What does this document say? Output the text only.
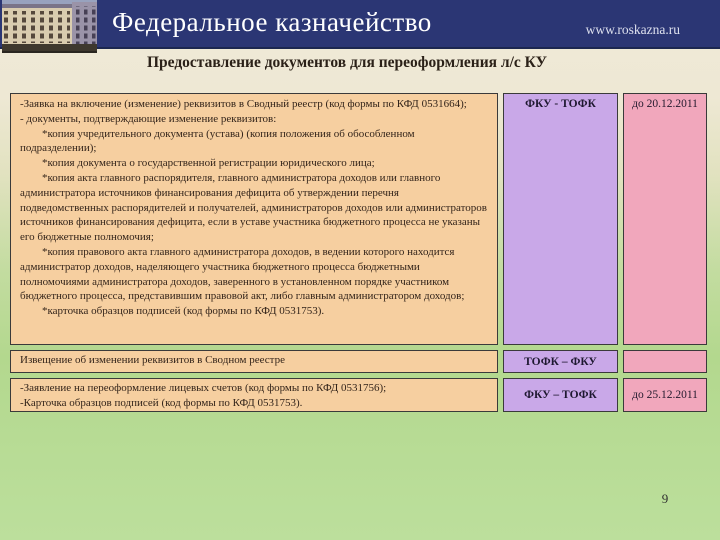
Федеральное казначейство	www.roskazna.ru
Предоставление документов для переоформления л/с КУ

-Заявка на включение (изменение) реквизитов в Сводный реестр (код формы по КФД 0531664);

- документы, подтверждающие изменение реквизитов:

*копия учредительного документа (устава) (копия положения об обособленном подразделении);

*копия документа о государственной регистрации юридического лица;

*копия акта главного распорядителя, главного администратора доходов или главного администратора источников финансирования дефицита об утверждении перечня подведомственных распорядителей и получателей, администраторов доходов или администраторов источников финансирования дефицита, если в уставе участника бюджетного процесса не указаны его бюджетные полномочия;

*копия правового акта главного администратора доходов, в ведении которого находится администратор доходов, наделяющего участника бюджетного процесса бюджетными полномочиями администратора доходов, заверенного в установленном порядке участником бюджетного процесса, представившим правовой акт, либо главным администратором доходов;

*карточка образцов подписей (код формы по КФД 0531753).

ФКУ - ТОФК	до 20.12.2011

Извещение об изменении реквизитов в Сводном реестре	ТОФК – ФКУ

-Заявление на переоформление лицевых счетов (код формы по КФД 0531756);

-Карточка образцов подписей (код формы по КФД 0531753).

ФКУ – ТОФК	до 25.12.2011
9
